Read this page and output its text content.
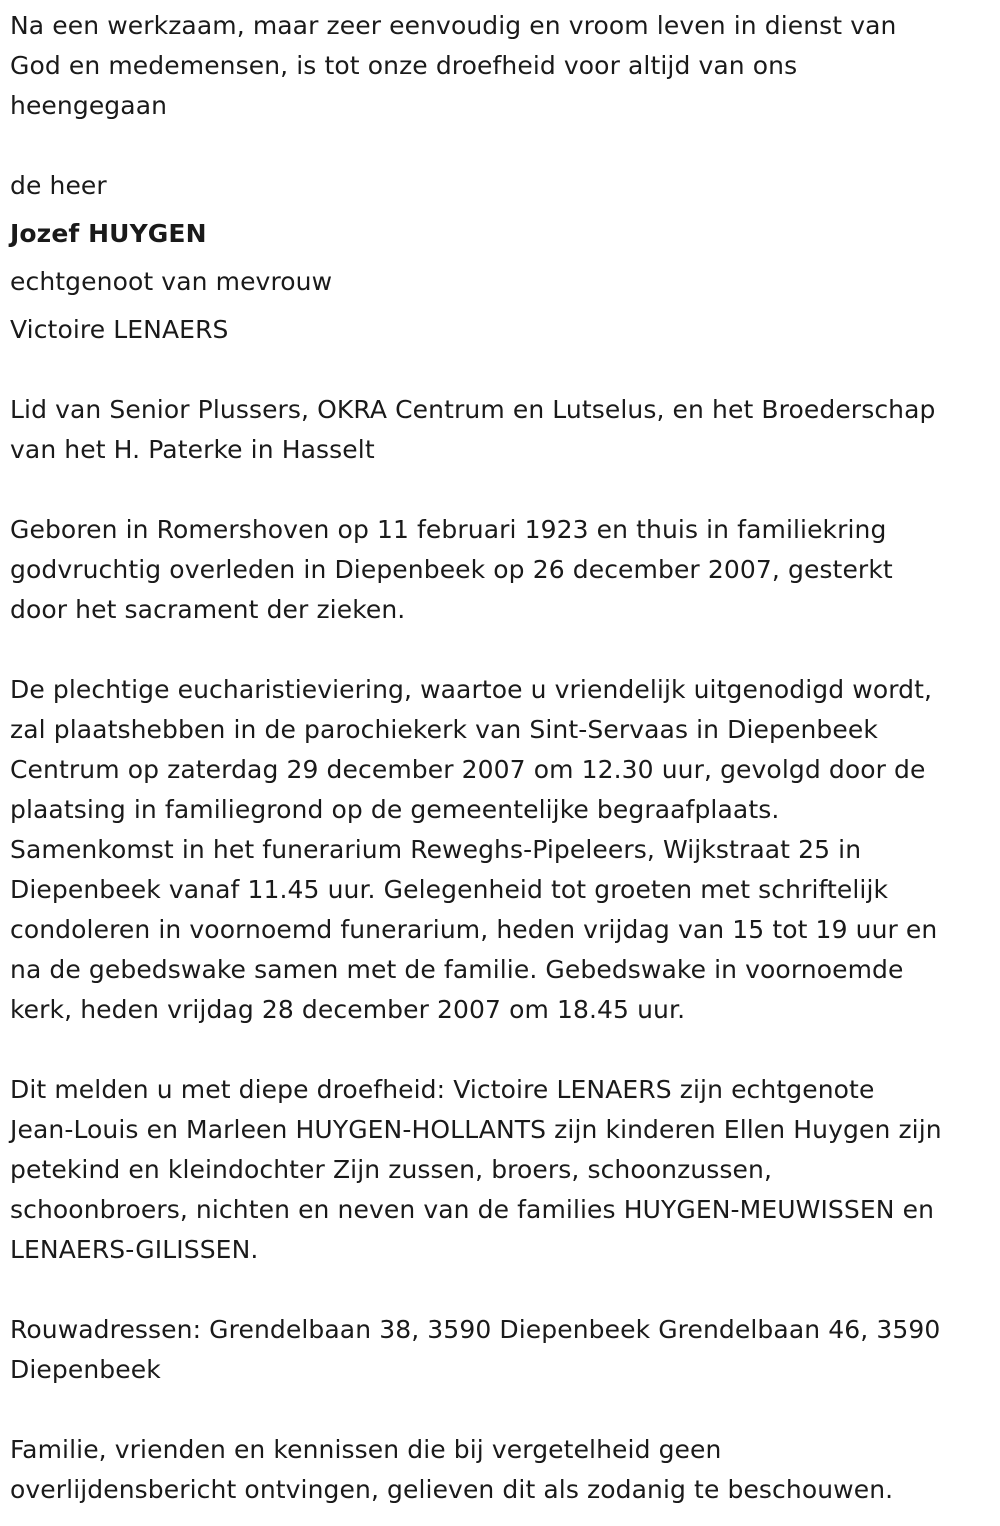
Na een werkzaam, maar zeer eenvoudig en vroom leven in dienst van
God en medemensen, is tot onze droefheid voor altijd van ons
heengegaan

de heer

Jozef HUYGEN

echtgenoot van mevrouw

Victoire LENAERS

Lid van Senior Plussers, OKRA Centrum en Lutselus, en het Broederschap
van het H. Paterke in Hasselt

Geboren in Romershoven op 11 februari 1923 en thuis in familiekring
godvruchtig overleden in Diepenbeek op 26 december 2007, gesterkt
door het sacrament der zieken.

De plechtige eucharistieviering, waartoe u vriendelijk uitgenodigd wordt,
zal plaatshebben in de parochiekerk van Sint-Servaas in Diepenbeek
Centrum op zaterdag 29 december 2007 om 12.30 uur, gevolgd door de
plaatsing in familiegrond op de gemeentelijke begraafplaats.
Samenkomst in het funerarium Reweghs-Pipeleers, Wijkstraat 25 in
Diepenbeek vanaf 11.45 uur. Gelegenheid tot groeten met schriftelijk
condoleren in voornoemd funerarium, heden vrijdag van 15 tot 19 uur en
na de gebedswake samen met de familie. Gebedswake in voornoemde
kerk, heden vrijdag 28 december 2007 om 18.45 uur.

Dit melden u met diepe droefheid: Victoire LENAERS zijn echtgenote
Jean-Louis en Marleen HUYGEN-HOLLANTS zijn kinderen Ellen Huygen zijn
petekind en kleindochter Zijn zussen, broers, schoonzussen,
schoonbroers, nichten en neven van de families HUYGEN-MEUWISSEN en
LENAERS-GILISSEN.

Rouwadressen: Grendelbaan 38, 3590 Diepenbeek Grendelbaan 46, 3590
Diepenbeek

Familie, vrienden en kennissen die bij vergetelheid geen
overlijdensbericht ontvingen, gelieven dit als zodanig te beschouwen.
